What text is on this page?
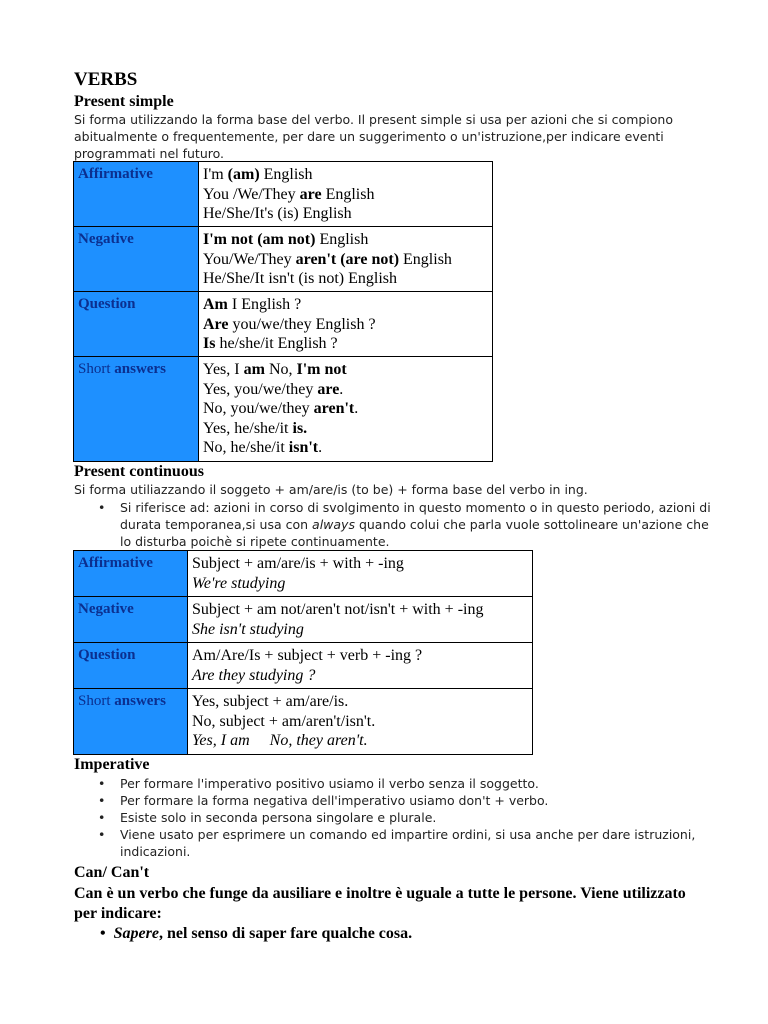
VERBS
Present simple
Si forma utilizzando la forma base del verbo. Il present simple si usa per azioni che si compiono abitualmente o frequentemente, per dare un suggerimento o un'istruzione,per indicare eventi programmati nel futuro.
Affirmative	I'm (am) English
You /We/They are English
He/She/It's (is) English

Negative	I'm not (am not) English
You/We/They aren't (are not) English
He/She/It isn't (is not) English

Question	Am I English ?
Are you/we/they English ?
Is he/she/it English ?

Short answers	Yes, I am No, I'm not
Yes, you/we/they are.
No, you/we/they aren't.
Yes, he/she/it is.
No, he/she/it isn't.
Present continuous
Si forma utiliazzando il soggeto + am/are/is (to be) + forma base del verbo in ing.
• Si riferisce ad: azioni in corso di svolgimento in questo momento o in questo periodo, azioni di durata temporanea,si usa con always quando colui che parla vuole sottolineare un'azione che lo disturba poichè si ripete continuamente.
Affirmative	Subject + am/are/is + with + -ing
We're studying

Negative	Subject + am not/aren't not/isn't + with + -ing
She isn't studying

Question	Am/Are/Is + subject + verb + -ing ?
Are they studying ?

Short answers	Yes, subject + am/are/is.
No, subject + am/aren't/isn't.
Yes, I am     No, they aren't.
Imperative
• Per formare l'imperativo positivo usiamo il verbo senza il soggetto.
• Per formare la forma negativa dell'imperativo usiamo don't + verbo.
• Esiste solo in seconda persona singolare e plurale.
• Viene usato per esprimere un comando ed impartire ordini, si usa anche per dare istruzioni, indicazioni.
Can/ Can't
Can è un verbo che funge da ausiliare e inoltre è uguale a tutte le persone. Viene utilizzato per indicare:
• Sapere, nel senso di saper fare qualche cosa.
